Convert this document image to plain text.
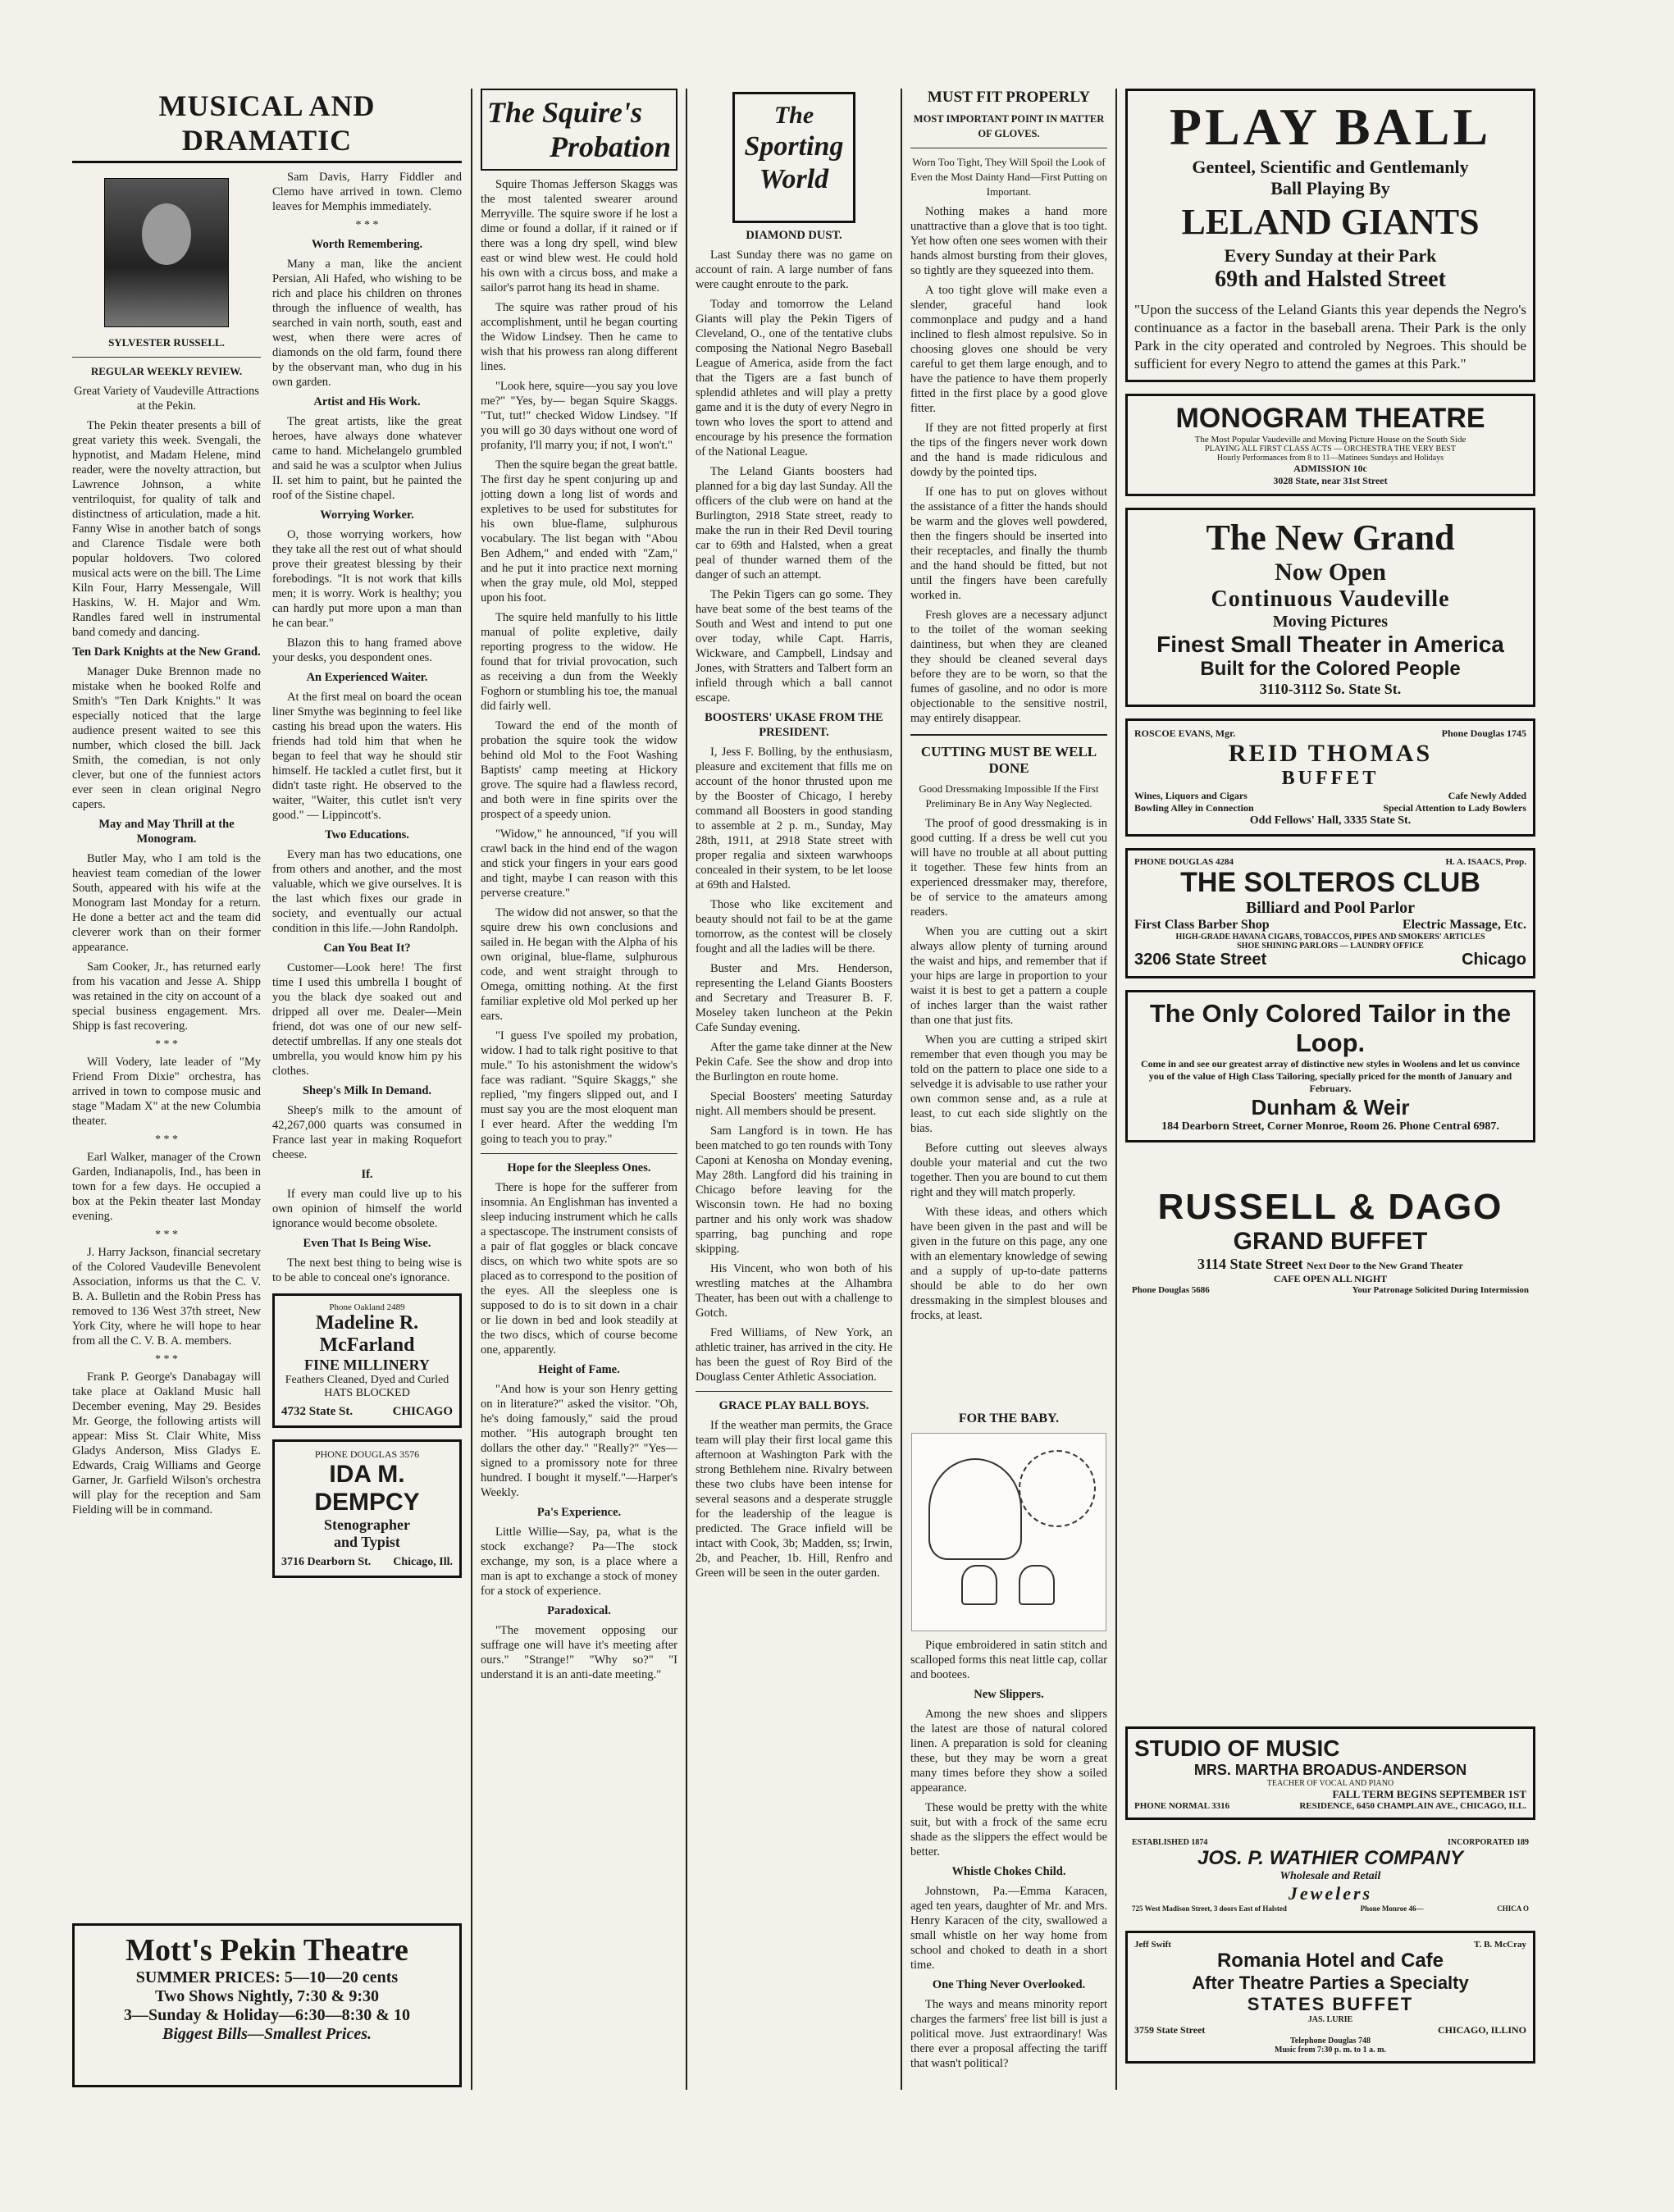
MUSICAL AND DRAMATIC
SYLVESTER RUSSELL.
REGULAR WEEKLY REVIEW.
Great Variety of Vaudeville Attractions at the Pekin.

The Pekin theater presents a bill of great variety this week. Svengali, the hypnotist, and Madam Helene, mind reader, were the novelty attraction, but Lawrence Johnson, a white ventriloquist, for quality of talk and distinctness of articulation, made a hit. Fanny Wise in another batch of songs and Clarence Tisdale were both popular holdovers. Two colored musical acts were on the bill. The Lime Kiln Four, Harry Messengale, Will Haskins, W. H. Major and Wm. Randles fared well in instrumental band comedy and dancing.

Ten Dark Knights at the New Grand.

Manager Duke Brennon made no mistake when he booked Rolfe and Smith's "Ten Dark Knights." It was especially noticed that the large audience present waited to see this number, which closed the bill. Jack Smith, the comedian, is not only clever, but one of the funniest actors ever seen in clean original Negro capers.

May and May Thrill at the Monogram.

Butler May, who I am told is the heaviest team comedian of the lower South, appeared with his wife at the Monogram last Monday for a return. He done a better act and the team did cleverer work than on their former appearance.

Sam Cooker, Jr., has returned early from his vacation and Jesse A. Shipp was retained in the city on account of a special business engagement. Mrs. Shipp is fast recovering.

* * *

Will Vodery, late leader of "My Friend From Dixie" orchestra, has arrived in town to compose music and stage "Madam X" at the new Columbia theater.

* * *

Earl Walker, manager of the Crown Garden, Indianapolis, Ind., has been in town for a few days. He occupied a box at the Pekin theater last Monday evening.

* * *

J. Harry Jackson, financial secretary of the Colored Vaudeville Benevolent Association, informs us that the C. V. B. A. Bulletin and the Robin Press has removed to 136 West 37th street, New York City, where he will hope to hear from all the C. V. B. A. members.

* * *

Frank P. George's Danabagay will take place at Oakland Music hall December evening, May 29. Besides Mr. George, the following artists will appear: Miss St. Clair White, Miss Gladys Anderson, Miss Gladys E. Edwards, Craig Williams and George Garner, Jr. Garfield Wilson's orchestra will play for the reception and Sam Fielding will be in command.

Sam Davis, Harry Fiddler and Clemo have arrived in town. Clemo leaves for Memphis immediately.

* * *
Worth Remembering.

Many a man, like the ancient Persian, Ali Hafed, who wishing to be rich and place his children on thrones through the influence of wealth, has searched in vain north, south, east and west, when there were acres of diamonds on the old farm, found there by the observant man, who dug in his own garden.

Artist and His Work.

The great artists, like the great heroes, have always done whatever came to hand. Michelangelo grumbled and said he was a sculptor when Julius II. set him to paint, but he painted the roof of the Sistine chapel.

Worrying Worker.

O, those worrying workers, how they take all the rest out of what should prove their greatest blessing by their forebodings. "It is not work that kills men; it is worry. Work is healthy; you can hardly put more upon a man than he can bear."

Blazon this to hang framed above your desks, you despondent ones.

An Experienced Waiter.

At the first meal on board the ocean liner Smythe was beginning to feel like casting his bread upon the waters. His friends had told him that when he began to feel that way he should stir himself. He tackled a cutlet first, but it didn't taste right. He observed to the waiter, "Waiter, this cutlet isn't very good." — Lippincott's.

Two Educations.

Every man has two educations, one from others and another, and the most valuable, which we give ourselves. It is the last which fixes our grade in society, and eventually our actual condition in this life.—John Randolph.

Can You Beat It?

Customer—Look here! The first time I used this umbrella I bought of you the black dye soaked out and dripped all over me. Dealer—Mein friend, dot was one of our new self-detectif umbrellas. If any one steals dot umbrella, you would know him py his clothes.

Sheep's Milk In Demand.

Sheep's milk to the amount of 42,267,000 quarts was consumed in France last year in making Roquefort cheese.

If.

If every man could live up to his own opinion of himself the world ignorance would become obsolete.

Even That Is Being Wise.

The next best thing to being wise is to be able to conceal one's ignorance.

Phone Oakland 2489
Madeline R. McFarland
FINE MILLINERY
Feathers Cleaned, Dyed and Curled
HATS BLOCKED
4732 State St.	CHICAGO
PHONE DOUGLAS 3576
IDA M. DEMPCY
Stenographer
and Typist
3716 Dearborn St. Chicago, Ill.
Mott's Pekin Theatre
SUMMER PRICES: 5—10—20 cents
Two Shows Nightly, 7:30 & 9:30
3—Sunday & Holiday—6:30—8:30 & 10
Biggest Bills—Smallest Prices.
The Squire's
Probation

Squire Thomas Jefferson Skaggs was the most talented swearer around Merryville. The squire swore if he lost a dime or found a dollar, if it rained or if there was a long dry spell, wind blew east or wind blew west. He could hold his own with a circus boss, and make a sailor's parrot hang its head in shame.

The squire was rather proud of his accomplishment, until he began courting the Widow Lindsey. Then he came to wish that his prowess ran along different lines.

"Look here, squire—you say you love me?" "Yes, by— began Squire Skaggs. "Tut, tut!" checked Widow Lindsey. "If you will go 30 days without one word of profanity, I'll marry you; if not, I won't."

Then the squire began the great battle. The first day he spent conjuring up and jotting down a long list of words and expletives to be used for substitutes for his own blue-flame, sulphurous vocabulary. The list began with "Abou Ben Adhem," and ended with "Zam," and he put it into practice next morning when the gray mule, old Mol, stepped upon his foot.

The squire held manfully to his little manual of polite expletive, daily reporting progress to the widow. He found that for trivial provocation, such as receiving a dun from the Weekly Foghorn or stumbling his toe, the manual did fairly well.

Toward the end of the month of probation the squire took the widow behind old Mol to the Foot Washing Baptists' camp meeting at Hickory grove. The squire had a flawless record, and both were in fine spirits over the prospect of a speedy union.

"Widow," he announced, "if you will crawl back in the hind end of the wagon and stick your fingers in your ears good and tight, maybe I can reason with this perverse creature."

The widow did not answer, so that the squire drew his own conclusions and sailed in. He began with the Alpha of his own original, blue-flame, sulphurous code, and went straight through to Omega, omitting nothing. At the first familiar expletive old Mol perked up her ears.

"I guess I've spoiled my probation, widow. I had to talk right positive to that mule." To his astonishment the widow's face was radiant. "Squire Skaggs," she replied, "my fingers slipped out, and I must say you are the most eloquent man I ever heard. After the wedding I'm going to teach you to pray."

Hope for the Sleepless Ones.

There is hope for the sufferer from insomnia. An Englishman has invented a sleep inducing instrument which he calls a spectascope. The instrument consists of a pair of flat goggles or black concave discs, on which two white spots are so placed as to correspond to the position of the eyes. All the sleepless one is supposed to do is to sit down in a chair or lie down in bed and look steadily at the two discs, which of course become one, apparently.

Height of Fame.

"And how is your son Henry getting on in literature?" asked the visitor. "Oh, he's doing famously," said the proud mother. "His autograph brought ten dollars the other day." "Really?" "Yes—signed to a promissory note for three hundred. I bought it myself."—Harper's Weekly.

Pa's Experience.

Little Willie—Say, pa, what is the stock exchange? Pa—The stock exchange, my son, is a place where a man is apt to exchange a stock of money for a stock of experience.

Paradoxical.

"The movement opposing our suffrage one will have it's meeting after ours." "Strange!" "Why so?" "I understand it is an anti-date meeting."

The
Sporting
World
DIAMOND DUST.

Last Sunday there was no game on account of rain. A large number of fans were caught enroute to the park.

Today and tomorrow the Leland Giants will play the Pekin Tigers of Cleveland, O., one of the tentative clubs composing the National Negro Baseball League of America, aside from the fact that the Tigers are a fast bunch of splendid athletes and will play a pretty game and it is the duty of every Negro in town who loves the sport to attend and encourage by his presence the formation of the National League.

The Leland Giants boosters had planned for a big day last Sunday. All the officers of the club were on hand at the Burlington, 2918 State street, ready to make the run in their Red Devil touring car to 69th and Halsted, when a great peal of thunder warned them of the danger of such an attempt.

The Pekin Tigers can go some. They have beat some of the best teams of the South and West and intend to put one over today, while Capt. Harris, Wickware, and Campbell, Lindsay and Jones, with Stratters and Talbert form an infield through which a ball cannot escape.

BOOSTERS' UKASE FROM THE PRESIDENT.

I, Jess F. Bolling, by the enthusiasm, pleasure and excitement that fills me on account of the honor thrusted upon me by the Booster of Chicago, I hereby command all Boosters in good standing to assemble at 2 p. m., Sunday, May 28th, 1911, at 2918 State street with proper regalia and sixteen warwhoops concealed in their system, to be let loose at 69th and Halsted.

Those who like excitement and beauty should not fail to be at the game tomorrow, as the contest will be closely fought and all the ladies will be there.

Buster and Mrs. Henderson, representing the Leland Giants Boosters and Secretary and Treasurer B. F. Moseley taken luncheon at the Pekin Cafe Sunday evening.

After the game take dinner at the New Pekin Cafe. See the show and drop into the Burlington en route home.

Special Boosters' meeting Saturday night. All members should be present.

Sam Langford is in town. He has been matched to go ten rounds with Tony Caponi at Kenosha on Monday evening, May 28th. Langford did his training in Chicago before leaving for the Wisconsin town. He had no boxing partner and his only work was shadow sparring, bag punching and rope skipping.

His Vincent, who won both of his wrestling matches at the Alhambra Theater, has been out with a challenge to Gotch.

Fred Williams, of New York, an athletic trainer, has arrived in the city. He has been the guest of Roy Bird of the Douglass Center Athletic Association.

GRACE PLAY BALL BOYS.

If the weather man permits, the Grace team will play their first local game this afternoon at Washington Park with the strong Bethlehem nine. Rivalry between these two clubs have been intense for several seasons and a desperate struggle for the leadership of the league is predicted. The Grace infield will be intact with Cook, 3b; Madden, ss; Irwin, 2b, and Peacher, 1b. Hill, Renfro and Green will be seen in the outer garden.

MUST FIT PROPERLY
MOST IMPORTANT POINT IN MATTER OF GLOVES.
Worn Too Tight, They Will Spoil the Look of Even the Most Dainty Hand—First Putting on Important.

Nothing makes a hand more unattractive than a glove that is too tight. Yet how often one sees women with their hands almost bursting from their gloves, so tightly are they squeezed into them.

A too tight glove will make even a slender, graceful hand look commonplace and pudgy and a hand inclined to flesh almost repulsive. So in choosing gloves one should be very careful to get them large enough, and to have the patience to have them properly fitted in the first place by a good glove fitter.

If they are not fitted properly at first the tips of the fingers never work down and the hand is made ridiculous and dowdy by the pointed tips.

If one has to put on gloves without the assistance of a fitter the hands should be warm and the gloves well powdered, then the fingers should be inserted into their receptacles, and finally the thumb and the hand should be fitted, but not until the fingers have been carefully worked in.

Fresh gloves are a necessary adjunct to the toilet of the woman seeking daintiness, but when they are cleaned they should be cleaned several days before they are to be worn, so that the fumes of gasoline, and no odor is more objectionable to the sensitive nostril, may entirely disappear.

CUTTING MUST BE WELL DONE
Good Dressmaking Impossible If the First Preliminary Be in Any Way Neglected.

The proof of good dressmaking is in good cutting. If a dress be well cut you will have no trouble at all about putting it together. These few hints from an experienced dressmaker may, therefore, be of service to the amateurs among readers.

When you are cutting out a skirt always allow plenty of turning around the waist and hips, and remember that if your hips are large in proportion to your waist it is best to get a pattern a couple of inches larger than the waist rather than one that just fits.

When you are cutting a striped skirt remember that even though you may be told on the pattern to place one side to a selvedge it is advisable to use rather your own common sense and, as a rule at least, to cut each side slightly on the bias.

Before cutting out sleeves always double your material and cut the two together. Then you are bound to cut them right and they will match properly.

With these ideas, and others which have been given in the past and will be given in the future on this page, any one with an elementary knowledge of sewing and a supply of up-to-date patterns should be able to do her own dressmaking in the simplest blouses and frocks, at least.

FOR THE BABY.

Pique embroidered in satin stitch and scalloped forms this neat little cap, collar and bootees.

New Slippers.

Among the new shoes and slippers the latest are those of natural colored linen. A preparation is sold for cleaning these, but they may be worn a great many times before they show a soiled appearance.

These would be pretty with the white suit, but with a frock of the same ecru shade as the slippers the effect would be better.

Whistle Chokes Child.

Johnstown, Pa.—Emma Karacen, aged ten years, daughter of Mr. and Mrs. Henry Karacen of the city, swallowed a small whistle on her way home from school and choked to death in a short time.

One Thing Never Overlooked.

The ways and means minority report charges the farmers' free list bill is just a political move. Just extraordinary! Was there ever a proposal affecting the tariff that wasn't political?

PLAY BALL
Genteel, Scientific and Gentlemanly
Ball Playing By
LELAND GIANTS
Every Sunday at their Park
69th and Halsted Street
"Upon the success of the Leland Giants this year depends the Negro's continuance as a factor in the baseball arena. Their Park is the only Park in the city operated and controled by Negroes. This should be sufficient for every Negro to attend the games at this Park."
MONOGRAM THEATRE
The Most Popular Vaudeville and Moving Picture House on the South Side
PLAYING ALL FIRST CLASS ACTS — ORCHESTRA THE VERY BEST
Hourly Performances from 8 to 11—Matinees Sundays and Holidays
ADMISSION 10c
3028 State, near 31st Street
The New Grand
Now Open
Continuous Vaudeville
Moving Pictures
Finest Small Theater in America
Built for the Colored People
3110-3112 So. State St.
ROSCOE EVANS, Mgr.	Phone Douglas 1745
REID THOMAS
BUFFET
Wines, Liquors and Cigars	Cafe Newly Added
Bowling Alley in Connection	Special Attention to Lady Bowlers
Odd Fellows' Hall, 3335 State St.
PHONE DOUGLAS 4284	H. A. ISAACS, Prop.
THE SOLTEROS CLUB
Billiard and Pool Parlor
First Class Barber Shop	Electric Massage, Etc.
HIGH-GRADE HAVANA CIGARS, TOBACCOS, PIPES AND SMOKERS' ARTICLES
SHOE SHINING PARLORS — LAUNDRY OFFICE
3206 State Street	Chicago
The Only Colored Tailor in the Loop.
Come in and see our greatest array of distinctive new styles in Woolens and let us convince you of the value of High Class Tailoring, specially priced for the month of January and February.
Dunham & Weir
184 Dearborn Street, Corner Monroe, Room 26. Phone Central 6987.
RUSSELL & DAGO
GRAND BUFFET
3114 State Street Next Door to the New Grand Theater
CAFE OPEN ALL NIGHT
Phone Douglas 5686	Your Patronage Solicited During Intermission
STUDIO OF MUSIC
MRS. MARTHA BROADUS-ANDERSON
TEACHER OF VOCAL AND PIANO
FALL TERM BEGINS SEPTEMBER 1ST
PHONE NORMAL 3316	RESIDENCE, 6450 CHAMPLAIN AVE., CHICAGO, ILL.
ESTABLISHED 1874	INCORPORATED 189
JOS. P. WATHIER COMPANY
Wholesale and Retail
Jewelers
725 West Madison Street, 3 doors East of Halsted	Phone Monroe 46—	CHICA O
Jeff Swift	T. B. McCray
Romania Hotel and Cafe
After Theatre Parties a Specialty
STATES BUFFET
JAS. LURIE
3759 State Street	CHICAGO, ILLINO
Telephone Douglas 748
Music from 7:30 p. m. to 1 a. m.
